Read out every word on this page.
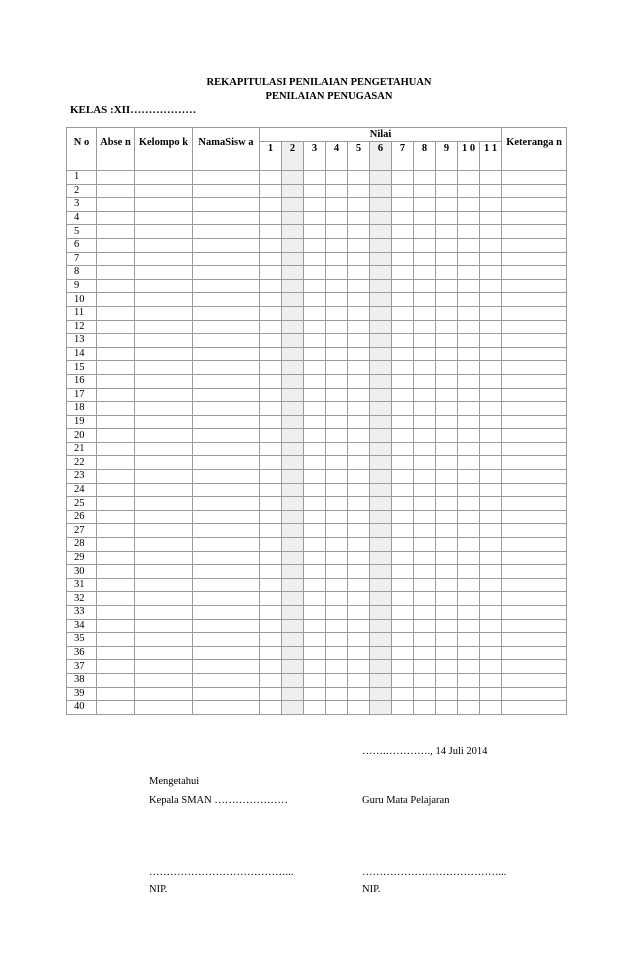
REKAPITULASI PENILAIAN PENGETAHUAN
PENILAIAN PENUGASAN
KELAS :XII………………
N o	Abse n	Kelompo k	NamaSisw a	Nilai											Keteranga n
				1	2	3	4	5	6	7	8	9	1 0	1 1	
1															
2															
3															
4															
5															
6															
7															
8															
9															
10															
11															
12															
13															
14															
15															
16															
17															
18															
19															
20															
21															
22															
23															
24															
25															
26															
27															
28															
29															
30															
31															
32															
33															
34															
35															
36															
37															
38															
39															
40															
…….…………., 14 Juli 2014
Mengetahui
Kepala SMAN …………………	Guru Mata Pelajaran
…………………………………...	…………………………………...
NIP.	NIP.
